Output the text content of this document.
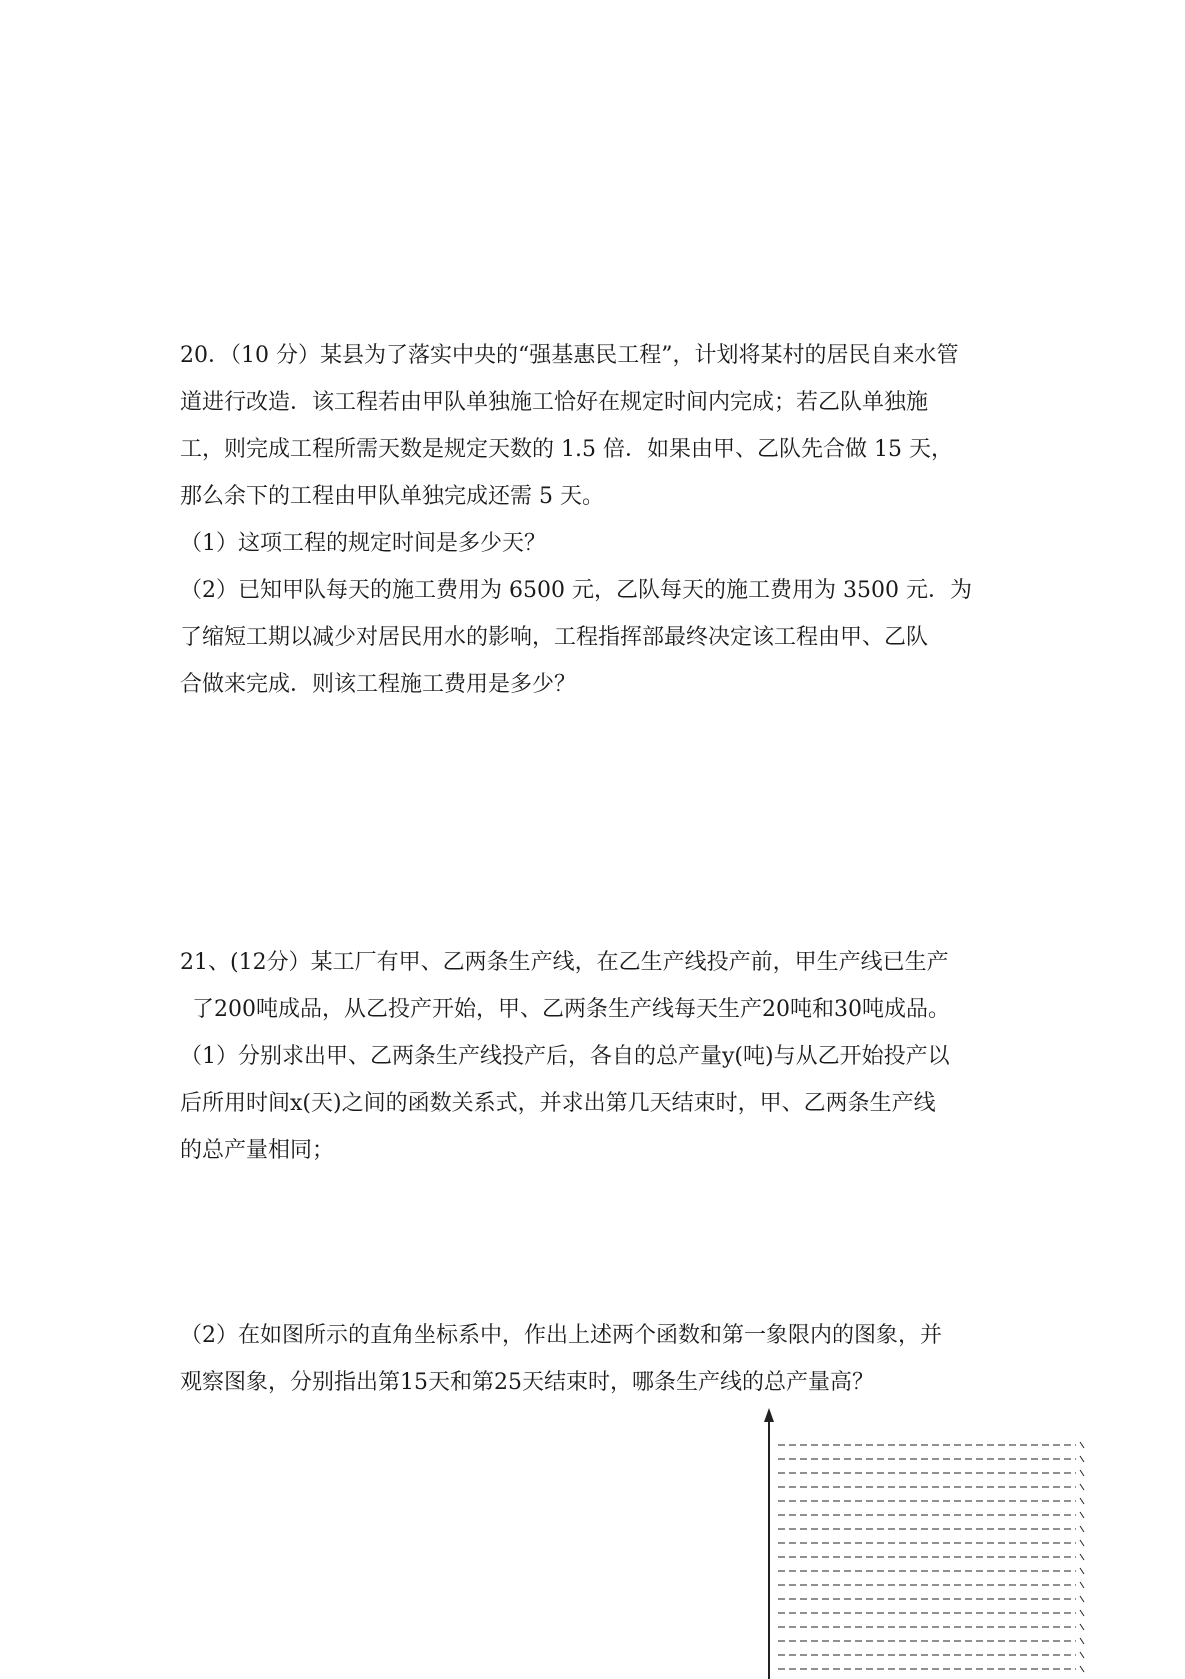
20．（10 分）某县为了落实中央的“强基惠民工程”，计划将某村的居民自来水管
道进行改造．该工程若由甲队单独施工恰好在规定时间内完成；若乙队单独施
工，则完成工程所需天数是规定天数的 1.5 倍．如果由甲、乙队先合做 15 天，
那么余下的工程由甲队单独完成还需 5 天。
（1）这项工程的规定时间是多少天？
（2）已知甲队每天的施工费用为 6500 元，乙队每天的施工费用为 3500 元．为
了缩短工期以减少对居民用水的影响，工程指挥部最终决定该工程由甲、乙队
合做来完成．则该工程施工费用是多少？
21、(12分）某工厂有甲、乙两条生产线，在乙生产线投产前，甲生产线已生产
了200吨成品，从乙投产开始，甲、乙两条生产线每天生产20吨和30吨成品。
（1）分别求出甲、乙两条生产线投产后，各自的总产量y(吨)与从乙开始投产以
后所用时间x(天)之间的函数关系式，并求出第几天结束时，甲、乙两条生产线
的总产量相同；
（2）在如图所示的直角坐标系中，作出上述两个函数和第一象限内的图象，并
观察图象，分别指出第15天和第25天结束时，哪条生产线的总产量高？
